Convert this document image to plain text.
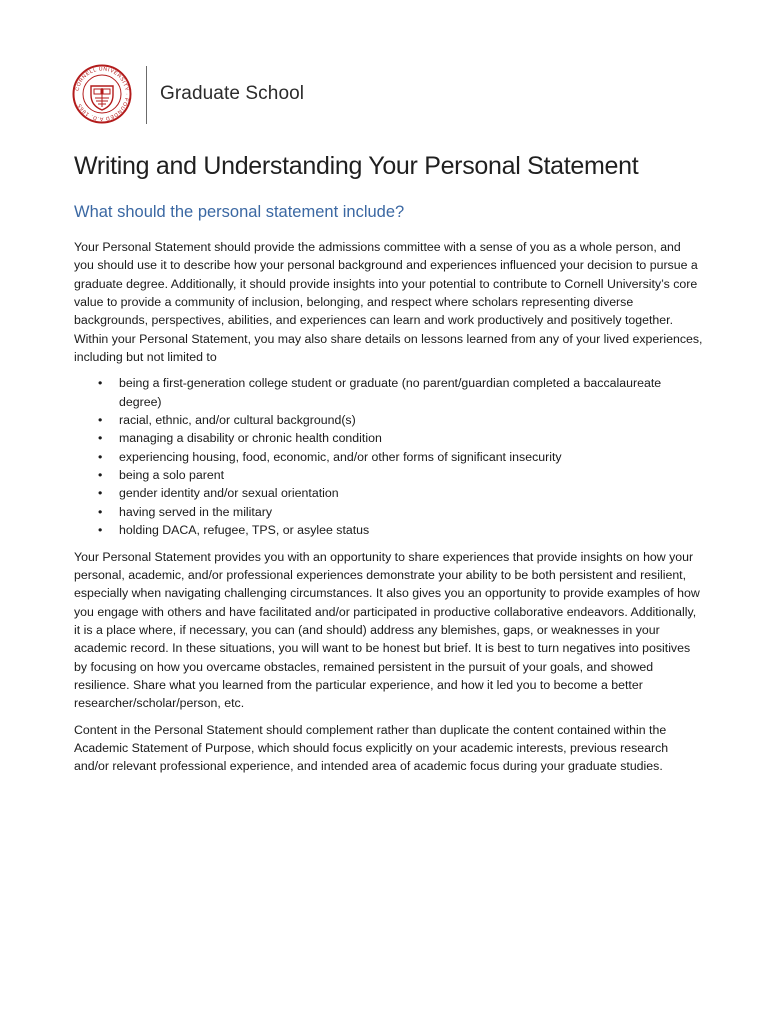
CORNELL UNIVERSITY · FOUNDED A.D. 1865
Graduate School
Writing and Understanding Your Personal Statement
What should the personal statement include?

Your Personal Statement should provide the admissions committee with a sense of you as a whole person, and you should use it to describe how your personal background and experiences influenced your decision to pursue a graduate degree. Additionally, it should provide insights into your potential to contribute to Cornell University’s core value to provide a community of inclusion, belonging, and respect where scholars representing diverse backgrounds, perspectives, abilities, and experiences can learn and work productively and positively together. Within your Personal Statement, you may also share details on lessons learned from any of your lived experiences, including but not limited to

• being a first-generation college student or graduate (no parent/guardian completed a baccalaureate degree)
• racial, ethnic, and/or cultural background(s)
• managing a disability or chronic health condition
• experiencing housing, food, economic, and/or other forms of significant insecurity
• being a solo parent
• gender identity and/or sexual orientation
• having served in the military
• holding DACA, refugee, TPS, or asylee status

Your Personal Statement provides you with an opportunity to share experiences that provide insights on how your personal, academic, and/or professional experiences demonstrate your ability to be both persistent and resilient, especially when navigating challenging circumstances. It also gives you an opportunity to provide examples of how you engage with others and have facilitated and/or participated in productive collaborative endeavors. Additionally, it is a place where, if necessary, you can (and should) address any blemishes, gaps, or weaknesses in your academic record. In these situations, you will want to be honest but brief. It is best to turn negatives into positives by focusing on how you overcame obstacles, remained persistent in the pursuit of your goals, and showed resilience. Share what you learned from the particular experience, and how it led you to become a better researcher/scholar/person, etc.

Content in the Personal Statement should complement rather than duplicate the content contained within the Academic Statement of Purpose, which should focus explicitly on your academic interests, previous research and/or relevant professional experience, and intended area of academic focus during your graduate studies.
